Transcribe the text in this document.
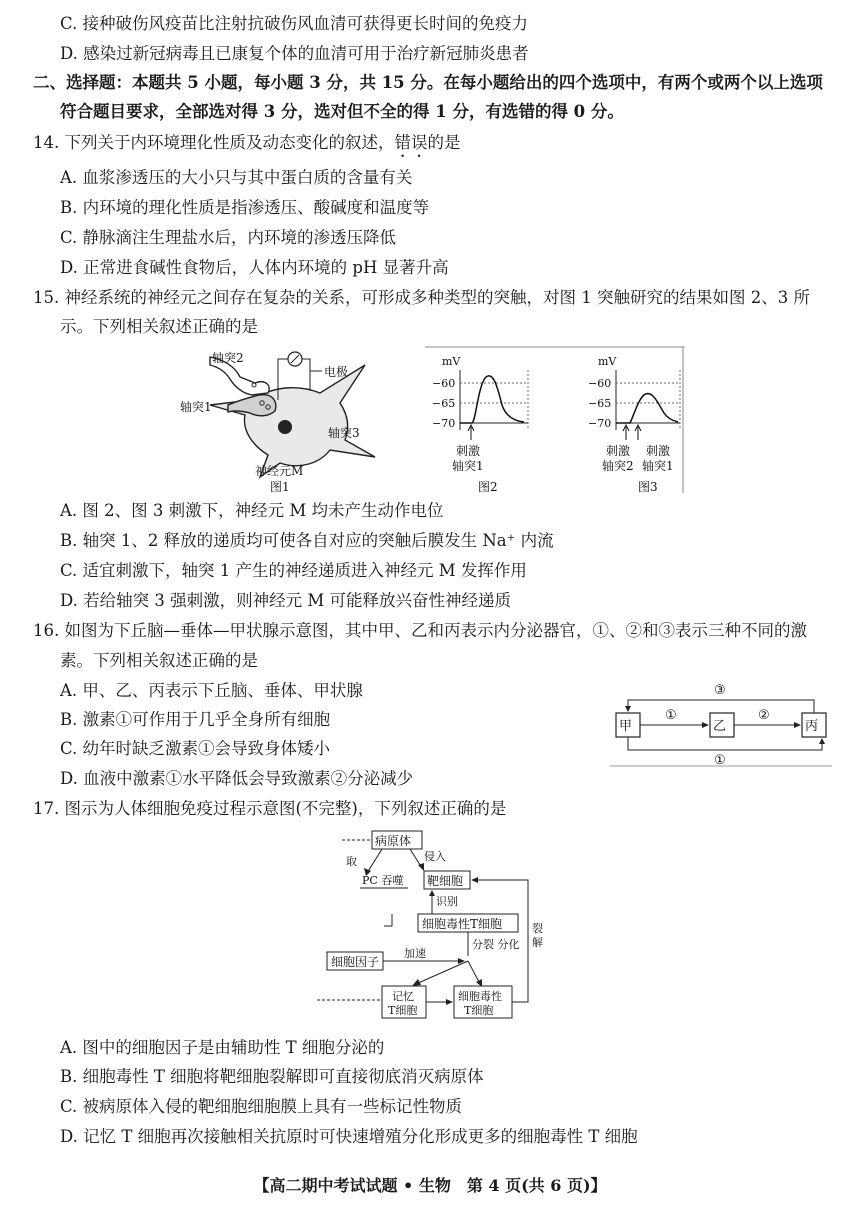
C. 接种破伤风疫苗比注射抗破伤风血清可获得更长时间的免疫力
D. 感染过新冠病毒且已康复个体的血清可用于治疗新冠肺炎患者
二、选择题：本题共 5 小题，每小题 3 分，共 15 分。在每小题给出的四个选项中，有两个或两个以上选项
符合题目要求，全部选对得 3 分，选对但不全的得 1 分，有选错的得 0 分。
14. 下列关于内环境理化性质及动态变化的叙述，错误的是
A. 血浆渗透压的大小只与其中蛋白质的含量有关
B. 内环境的理化性质是指渗透压、酸碱度和温度等
C. 静脉滴注生理盐水后，内环境的渗透压降低
D. 正常进食碱性食物后，人体内环境的 pH 显著升高
15. 神经系统的神经元之间存在复杂的关系，可形成多种类型的突触，对图 1 突触研究的结果如图 2、3 所
示。下列相关叙述正确的是
轴突2
轴突1
电极
轴突3
神经元M
图1
mV
−60
−65
−70
刺激
轴突1
图2
mV
−60
−65
−70
刺激
轴突2
刺激
轴突1
图3
A. 图 2、图 3 刺激下，神经元 M 均未产生动作电位
B. 轴突 1、2 释放的递质均可使各自对应的突触后膜发生 Na⁺ 内流
C. 适宜刺激下，轴突 1 产生的神经递质进入神经元 M 发挥作用
D. 若给轴突 3 强刺激，则神经元 M 可能释放兴奋性神经递质
16. 如图为下丘脑—垂体—甲状腺示意图，其中甲、乙和丙表示内分泌器官，①、②和③表示三种不同的激
素。下列相关叙述正确的是
A. 甲、乙、丙表示下丘脑、垂体、甲状腺
B. 激素①可作用于几乎全身所有细胞
C. 幼年时缺乏激素①会导致身体矮小
D. 血液中激素①水平降低会导致激素②分泌减少
甲	乙	丙
①	②
③
①
17. 图示为人体细胞免疫过程示意图(不完整)，下列叙述正确的是
病原体
取
PC 吞噬
侵入
靶细胞
识别
细胞毒性T细胞
细胞因子
加速
分裂 分化
记忆
T细胞
细胞毒性
T细胞
裂
解
A. 图中的细胞因子是由辅助性 T 细胞分泌的
B. 细胞毒性 T 细胞将靶细胞裂解即可直接彻底消灭病原体
C. 被病原体入侵的靶细胞细胞膜上具有一些标记性物质
D. 记忆 T 细胞再次接触相关抗原时可快速增殖分化形成更多的细胞毒性 T 细胞
【高二期中考试试题 • 生物　第 4 页(共 6 页)】
